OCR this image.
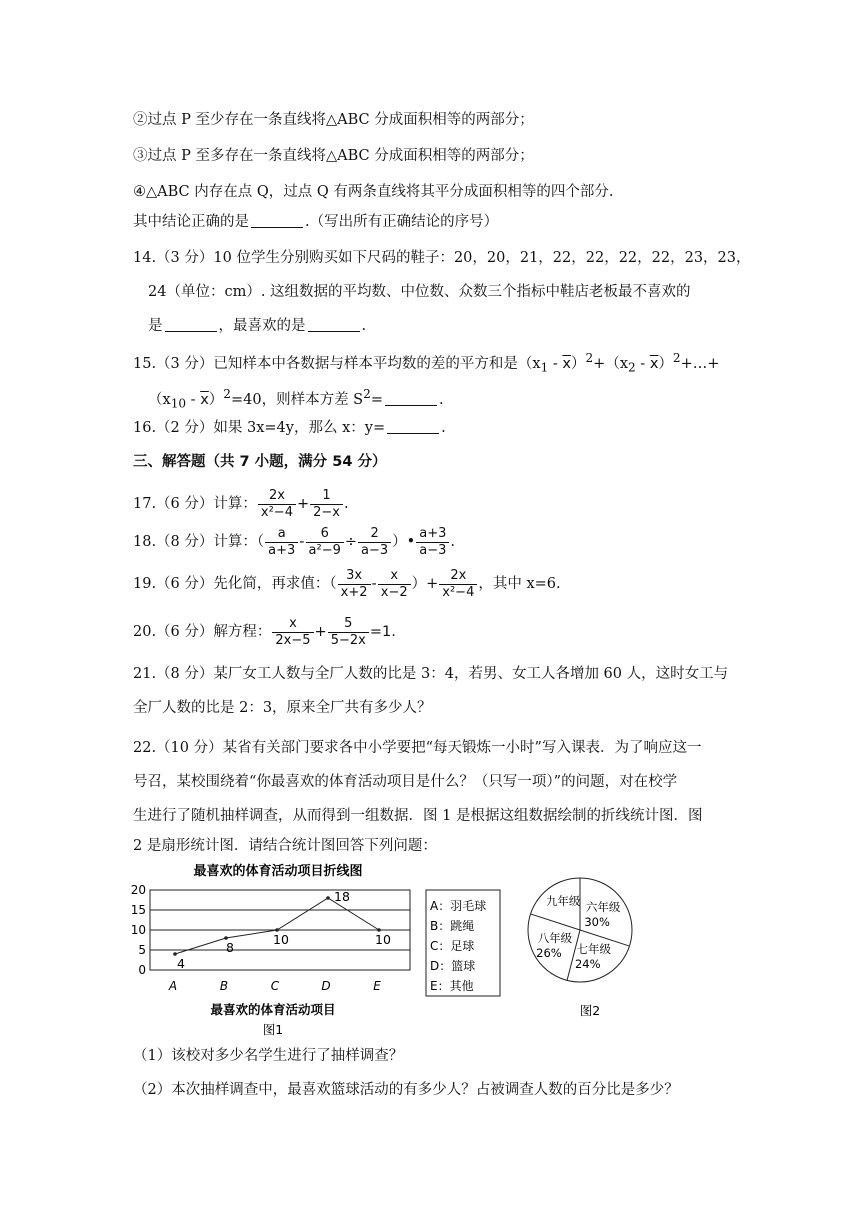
②过点 P 至少存在一条直线将△ABC 分成面积相等的两部分；
③过点 P 至多存在一条直线将△ABC 分成面积相等的两部分；
④△ABC 内存在点 Q，过点 Q 有两条直线将其平分成面积相等的四个部分.
其中结论正确的是	.（写出所有正确结论的序号）
14.（3 分）10 位学生分别购买如下尺码的鞋子：20，20，21，22，22，22，22，23，23，
24（单位：cm）. 这组数据的平均数、中位数、众数三个指标中鞋店老板最不喜欢的
是	，最喜欢的是	.
15.（3 分）已知样本中各数据与样本平均数的差的平方和是$(x_1 - \overline{x})^2+(x_2$ - $\overline{x})^2+\dots+$
$(x_{10} - \overline{x})^2=40$，则样本方差 $S^2=$	.
16.（2 分）如果 3x=4y，那么 x：y=	.
三、解答题（共 7 小题，满分 54 分）
17.（6 分）计算： $\frac{2x}{\text{x²−4}} + \frac{1}{2-x}$ .
18.（8 分）计算：（ $\frac{a}{a+3} - \frac{6}{\text{a²−9}} \div \frac{2}{a-3}$ ）• $\frac{a+3}{a-3}$ .
19.（6 分）先化简，再求值：（ $\frac{3x}{x+2} - \frac{x}{x-2}$ ）+ $\frac{2x}{\text{x²−4}}$ ，其中 x=6.
20.（6 分）解方程： $\frac{x}{2x-5} + \frac{5}{5-2x} =1$.
21.（8 分）某厂女工人数与全厂人数的比是 3：4，若男、女工人各增加 60 人，这时女工与
全厂人数的比是 2：3，原来全厂共有多少人？
22.（10 分）某省有关部门要求各中小学要把“每天锻炼一小时”写入课表．为了响应这一
号召，某校围绕着“你最喜欢的体育活动项目是什么？（只写一项）”的问题，对在校学
生进行了随机抽样调查，从而得到一组数据．图 1 是根据这组数据绘制的折线统计图．图
2 是扇形统计图．请结合统计图回答下列问题：
最喜欢的体育活动项目折线图
0
5
10
15
20
A	B	C	D	E
4
8
10
18
10
最喜欢的体育活动项目
图1
A：羽毛球
B：跳绳
C：足球
D：篮球
E：其他
六年级
30%
七年级
24%
八年级
26%
九年级
图2
（1）该校对多少名学生进行了抽样调查？
（2）本次抽样调查中，最喜欢篮球活动的有多少人？占被调查人数的百分比是多少？
